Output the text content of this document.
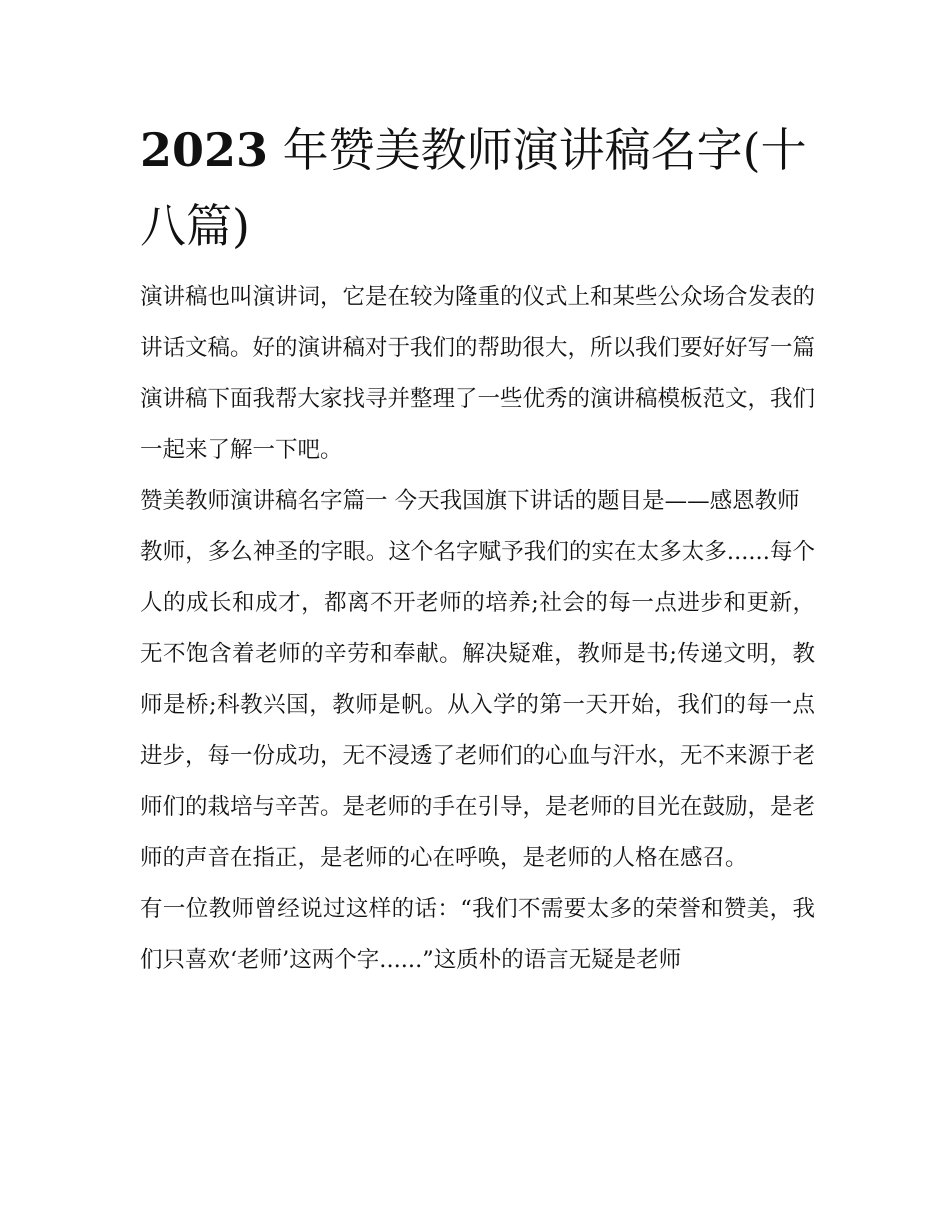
2023 年赞美教师演讲稿名字(十八篇)

演讲稿也叫演讲词，它是在较为隆重的仪式上和某些公众场合发表的讲话文稿。好的演讲稿对于我们的帮助很大，所以我们要好好写一篇演讲稿下面我帮大家找寻并整理了一些优秀的演讲稿模板范文，我们一起来了解一下吧。

赞美教师演讲稿名字篇一 今天我国旗下讲话的题目是——感恩教师

教师，多么神圣的字眼。这个名字赋予我们的实在太多太多......每个人的成长和成才，都离不开老师的培养;社会的每一点进步和更新，无不饱含着老师的辛劳和奉献。解决疑难，教师是书;传递文明，教师是桥;科教兴国，教师是帆。从入学的第一天开始，我们的每一点进步，每一份成功，无不浸透了老师们的心血与汗水，无不来源于老师们的栽培与辛苦。是老师的手在引导，是老师的目光在鼓励，是老师的声音在指正，是老师的心在呼唤，是老师的人格在感召。

有一位教师曾经说过这样的话：“我们不需要太多的荣誉和赞美，我们只喜欢‘老师’这两个字......”这质朴的语言无疑是老师
